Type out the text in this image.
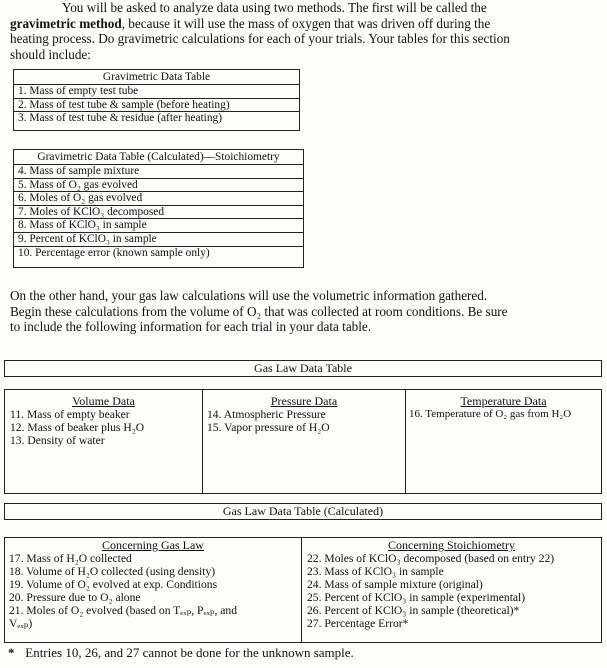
You will be asked to analyze data using two methods. The first will be called the

gravimetric method, because it will use the mass of oxygen that was driven off during the

heating process. Do gravimetric calculations for each of your trials. Your tables for this section

should include:

Gravimetric Data Table
1. Mass of empty test tube
2. Mass of test tube & sample (before heating)
3. Mass of test tube & residue (after heating)
Gravimetric Data Table (Calculated)—Stoichiometry
4. Mass of sample mixture
5. Mass of O₂ gas evolved
6. Moles of O₂ gas evolved
7. Moles of KClO₃ decomposed
8. Mass of KClO₃ in sample
9. Percent of KClO₃ in sample
10. Percentage error (known sample only)

On the other hand, your gas law calculations will use the volumetric information gathered.

Begin these calculations from the volume of O₂ that was collected at room conditions. Be sure

to include the following information for each trial in your data table.

Gas Law Data Table
Volume Data
11. Mass of empty beaker
12. Mass of beaker plus H₂O
13. Density of water
Pressure Data
14. Atmospheric Pressure
15. Vapor pressure of H₂O
Temperature Data
16. Temperature of O₂ gas from H₂O
Gas Law Data Table (Calculated)
Concerning Gas Law
17. Mass of H₂O collected
18. Volume of H₂O collected (using density)
19. Volume of O₂ evolved at exp. Conditions
20. Pressure due to O₂ alone
21. Moles of O₂ evolved (based on Tₑₓₚ, Pₑₓₚ, and
Vₑₓₚ)
Concerning Stoichiometry
22. Moles of KClO₃ decomposed (based on entry 22)
23. Mass of KClO₃ in sample
24. Mass of sample mixture (original)
25. Percent of KClO₃ in sample (experimental)
26. Percent of KClO₃ in sample (theoretical)*
27. Percentage Error*
* Entries 10, 26, and 27 cannot be done for the unknown sample.
